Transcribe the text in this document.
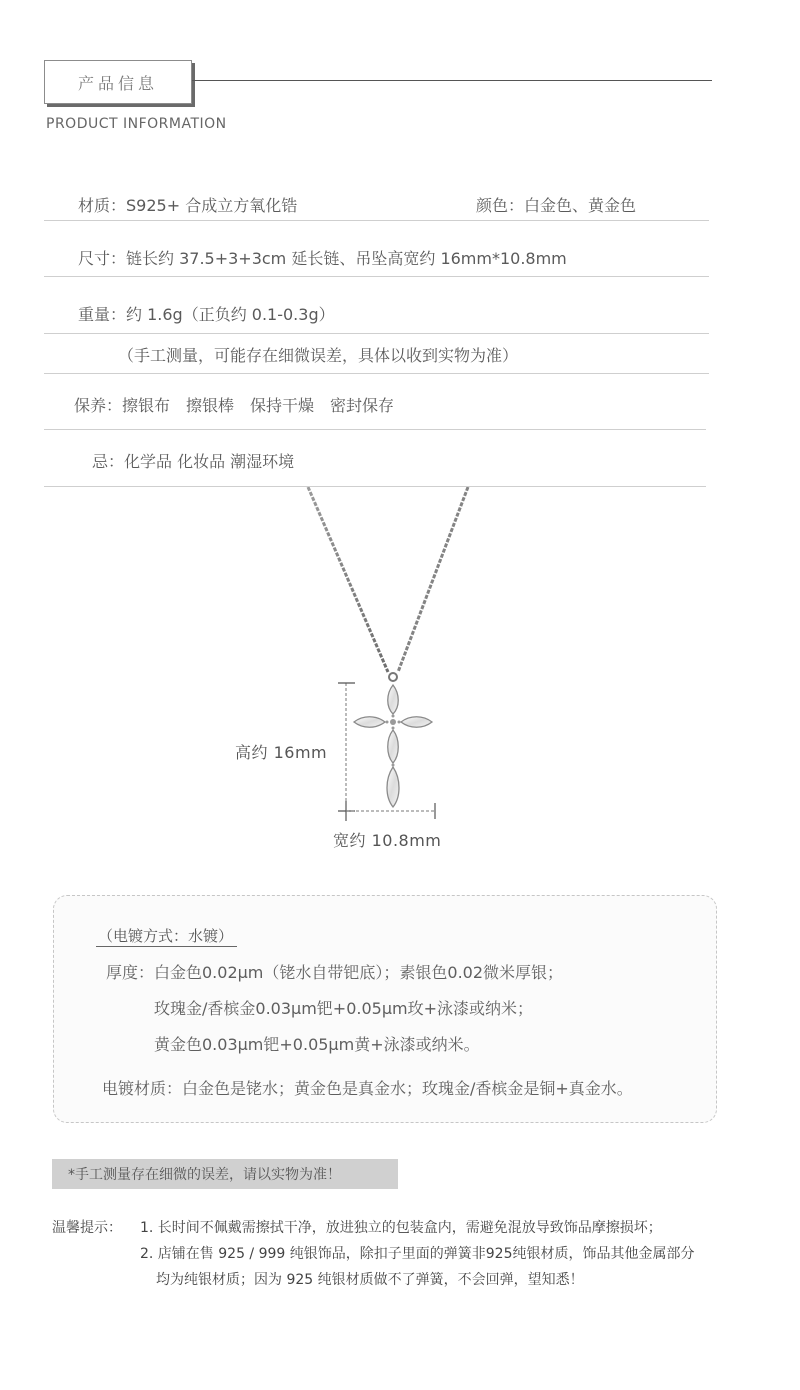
产品信息
PRODUCT INFORMATION
材质：S925+ 合成立方氧化锆	颜色：白金色、黄金色
尺寸：链长约 37.5+3+3cm 延长链、吊坠高宽约 16mm*10.8mm
重量：约 1.6g（正负约 0.1-0.3g）
（手工测量，可能存在细微误差，具体以收到实物为准）
保养：擦银布　擦银棒　保持干燥　密封保存
忌：化学品 化妆品 潮湿环境
高约 16mm
宽约 10.8mm
（电镀方式：水镀）
厚度：白金色0.02μm（铑水自带钯底）；素银色0.02微米厚银；
玫瑰金/香槟金0.03μm钯+0.05μm玫+泳漆或纳米；
黄金色0.03μm钯+0.05μm黄+泳漆或纳米。
电镀材质：白金色是铑水；黄金色是真金水；玫瑰金/香槟金是铜+真金水。
*手工测量存在细微的误差，请以实物为准！
温馨提示： 1. 长时间不佩戴需擦拭干净，放进独立的包装盒内，需避免混放导致饰品摩擦损坏；
2. 店铺在售 925 / 999 纯银饰品，除扣子里面的弹簧非925纯银材质，饰品其他金属部分
均为纯银材质；因为 925 纯银材质做不了弹簧，不会回弹，望知悉！
